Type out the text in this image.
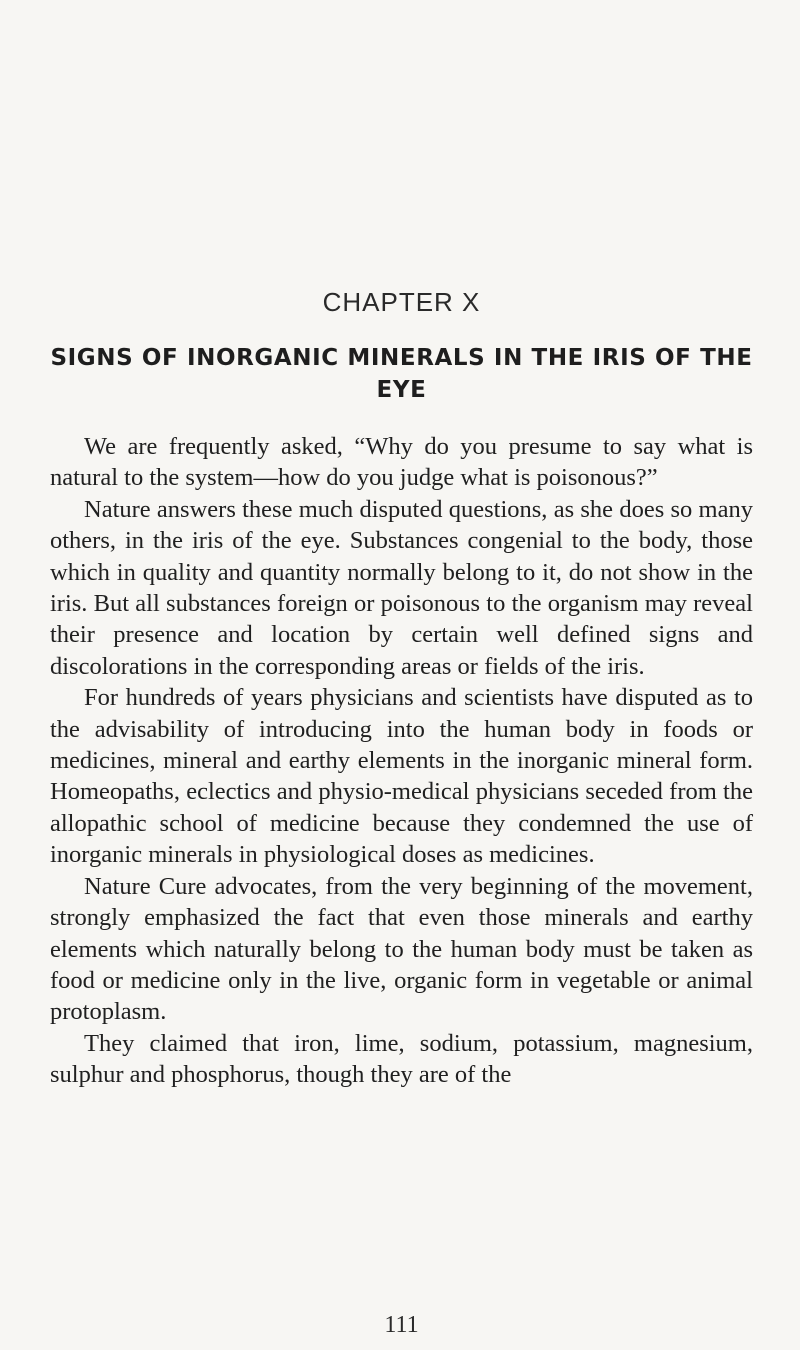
CHAPTER X
SIGNS OF INORGANIC MINERALS IN THE IRIS OF THE EYE

We are frequently asked, “Why do you presume to say what is natural to the system—how do you judge what is poisonous?”

Nature answers these much disputed questions, as she does so many others, in the iris of the eye. Substances congenial to the body, those which in quality and quantity normally belong to it, do not show in the iris. But all substances foreign or poisonous to the organism may reveal their presence and location by certain well defined signs and discolorations in the corresponding areas or fields of the iris.

For hundreds of years physicians and scientists have disputed as to the advisability of introducing into the human body in foods or medicines, mineral and earthy elements in the inorganic mineral form. Homeopaths, eclectics and physio-medical physicians seceded from the allopathic school of medicine because they condemned the use of inorganic minerals in physiological doses as medicines.

Nature Cure advocates, from the very beginning of the movement, strongly emphasized the fact that even those minerals and earthy elements which naturally belong to the human body must be taken as food or medicine only in the live, organic form in vegetable or animal protoplasm.

They claimed that iron, lime, sodium, potassium, magnesium, sulphur and phosphorus, though they are of the

111
